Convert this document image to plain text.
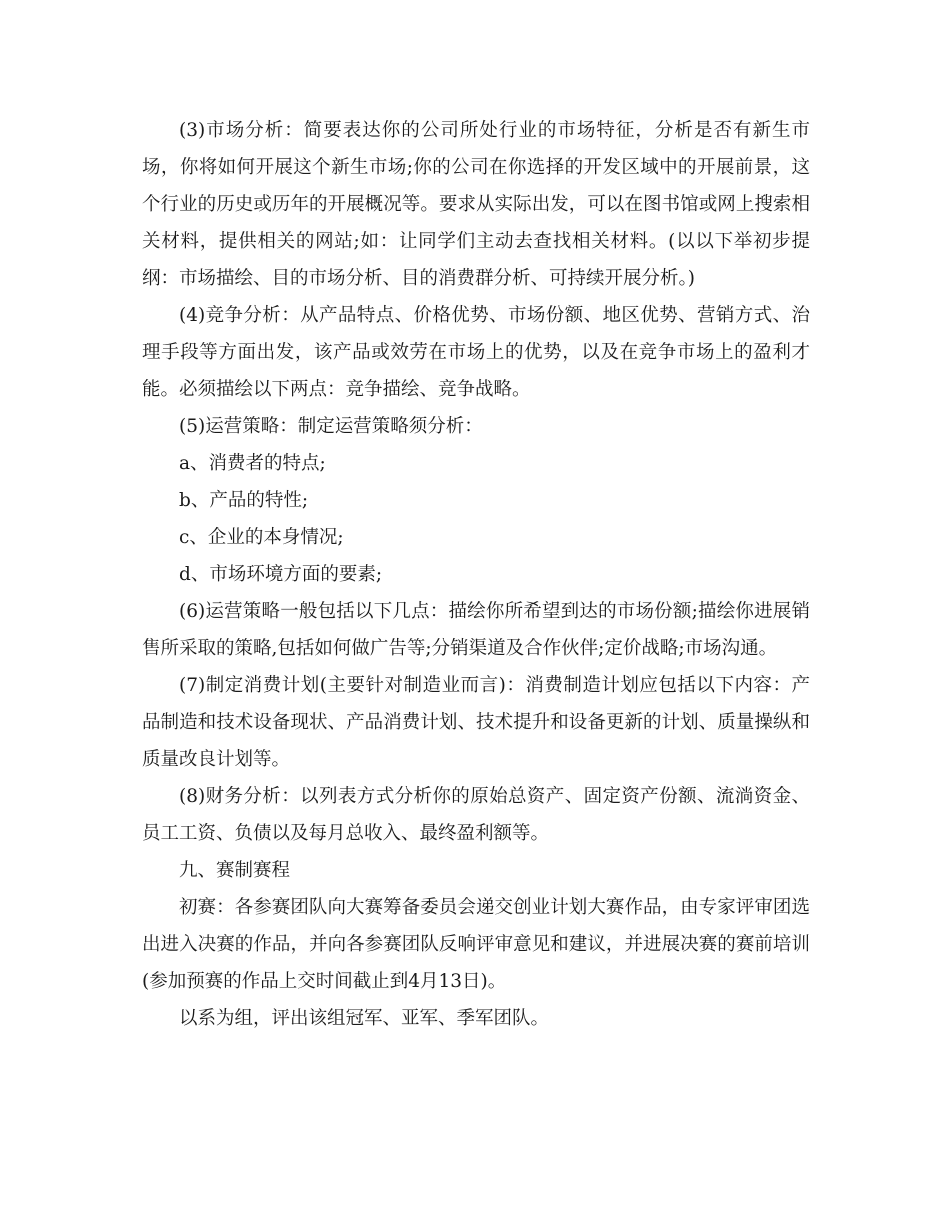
(3)市场分析：简要表达你的公司所处行业的市场特征，分析是否有新生市场，你将如何开展这个新生市场;你的公司在你选择的开发区域中的开展前景，这个行业的历史或历年的开展概况等。要求从实际出发，可以在图书馆或网上搜索相关材料，提供相关的网站;如：让同学们主动去查找相关材料。(以以下举初步提纲：市场描绘、目的市场分析、目的消费群分析、可持续开展分析。)

(4)竞争分析：从产品特点、价格优势、市场份额、地区优势、营销方式、治理手段等方面出发，该产品或效劳在市场上的优势，以及在竞争市场上的盈利才能。必须描绘以下两点：竞争描绘、竞争战略。

(5)运营策略：制定运营策略须分析：

a、消费者的特点;

b、产品的特性;

c、企业的本身情况;

d、市场环境方面的要素;

(6)运营策略一般包括以下几点：描绘你所希望到达的市场份额;描绘你进展销售所采取的策略,包括如何做广告等;分销渠道及合作伙伴;定价战略;市场沟通。

(7)制定消费计划(主要针对制造业而言)：消费制造计划应包括以下内容：产品制造和技术设备现状、产品消费计划、技术提升和设备更新的计划、质量操纵和质量改良计划等。

(8)财务分析：以列表方式分析你的原始总资产、固定资产份额、流淌资金、员工工资、负债以及每月总收入、最终盈利额等。

九、赛制赛程

初赛：各参赛团队向大赛筹备委员会递交创业计划大赛作品，由专家评审团选出进入决赛的作品，并向各参赛团队反响评审意见和建议，并进展决赛的赛前培训(参加预赛的作品上交时间截止到4月13日)。

以系为组，评出该组冠军、亚军、季军团队。
